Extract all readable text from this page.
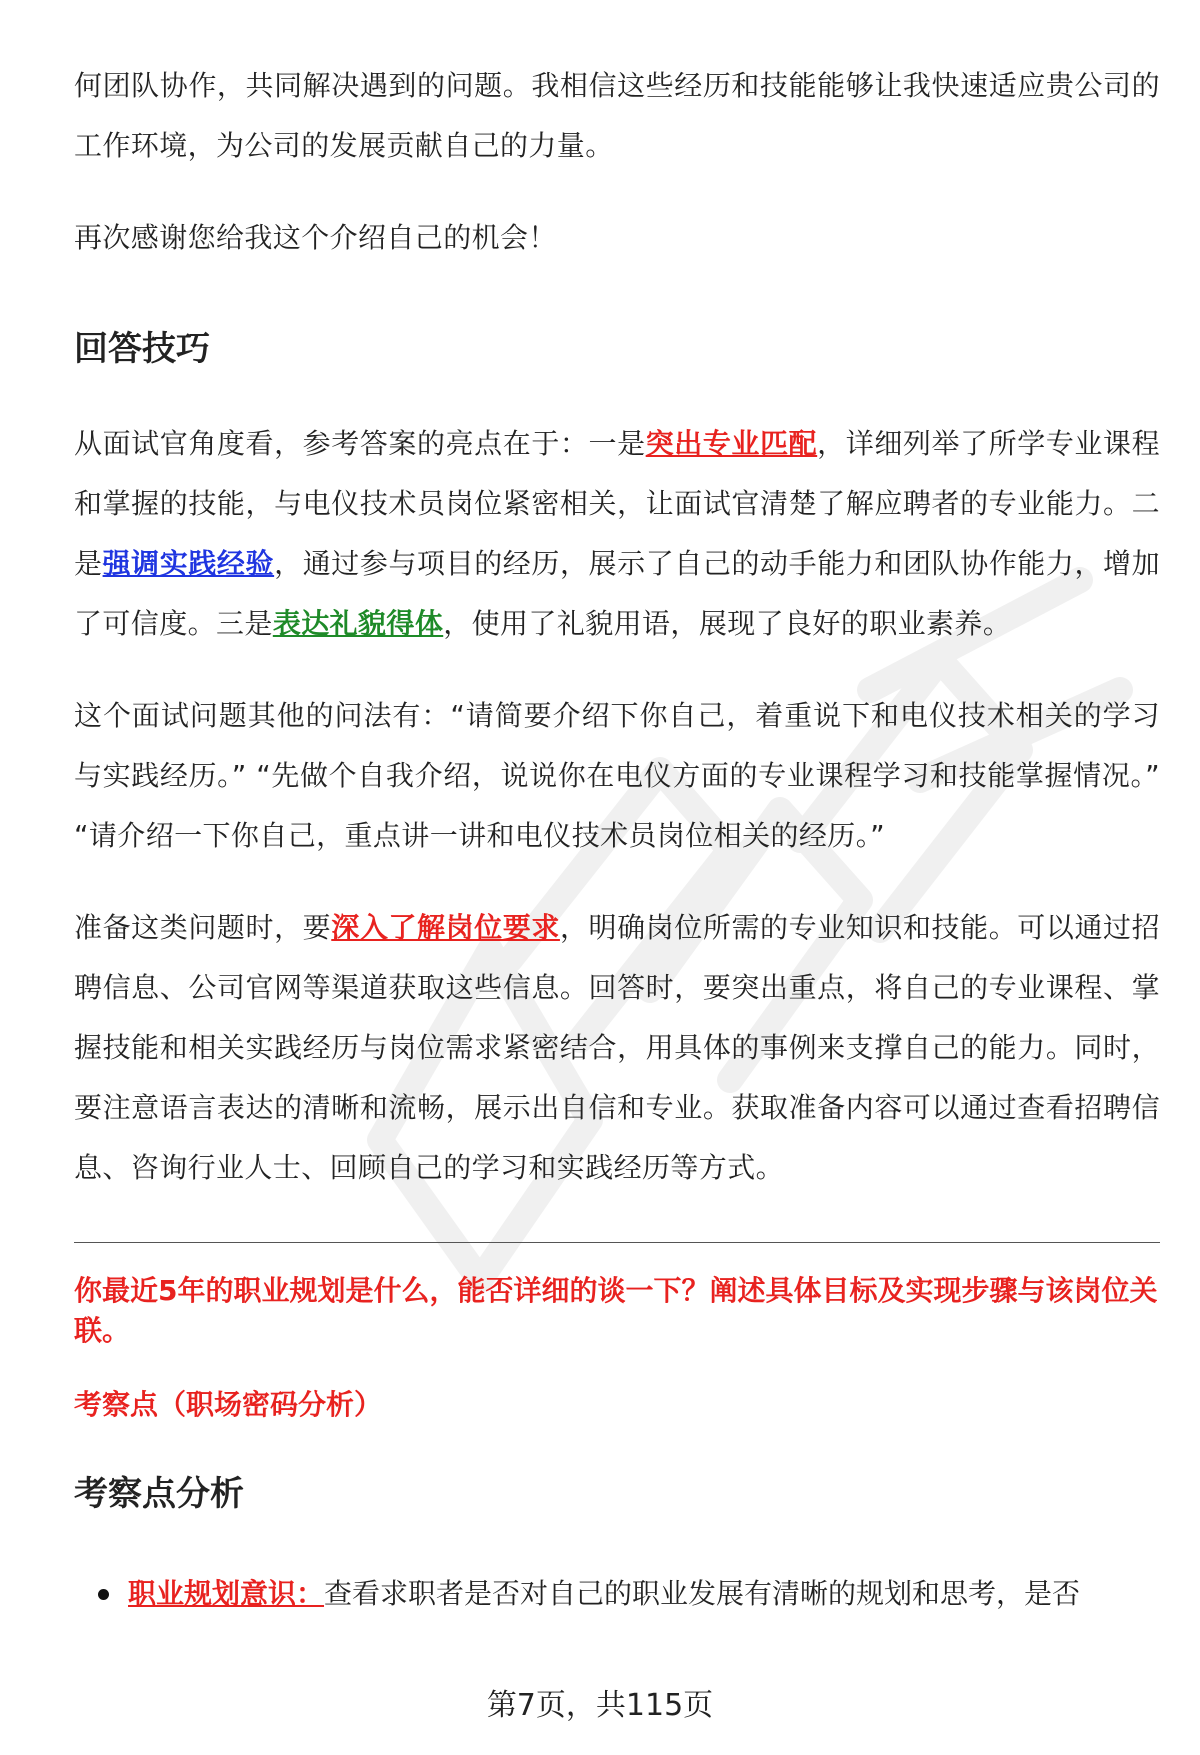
何团队协作，共同解决遇到的问题。我相信这些经历和技能能够让我快速适应贵公司的工作环境，为公司的发展贡献自己的力量。

再次感谢您给我这个介绍自己的机会！

回答技巧

从面试官角度看，参考答案的亮点在于：一是突出专业匹配，详细列举了所学专业课程和掌握的技能，与电仪技术员岗位紧密相关，让面试官清楚了解应聘者的专业能力。二是强调实践经验，通过参与项目的经历，展示了自己的动手能力和团队协作能力，增加了可信度。三是表达礼貌得体，使用了礼貌用语，展现了良好的职业素养。

这个面试问题其他的问法有：“请简要介绍下你自己，着重说下和电仪技术相关的学习与实践经历。” “先做个自我介绍，说说你在电仪方面的专业课程学习和技能掌握情况。” “请介绍一下你自己，重点讲一讲和电仪技术员岗位相关的经历。”

准备这类问题时，要深入了解岗位要求，明确岗位所需的专业知识和技能。可以通过招聘信息、公司官网等渠道获取这些信息。回答时，要突出重点，将自己的专业课程、掌握技能和相关实践经历与岗位需求紧密结合，用具体的事例来支撑自己的能力。同时，要注意语言表达的清晰和流畅，展示出自信和专业。获取准备内容可以通过查看招聘信息、咨询行业人士、回顾自己的学习和实践经历等方式。

你最近5年的职业规划是什么，能否详细的谈一下？阐述具体目标及实现步骤与该岗位关联。
考察点（职场密码分析）
考察点分析
职业规划意识：查看求职者是否对自己的职业发展有清晰的规划和思考，是否
第7页，共115页
